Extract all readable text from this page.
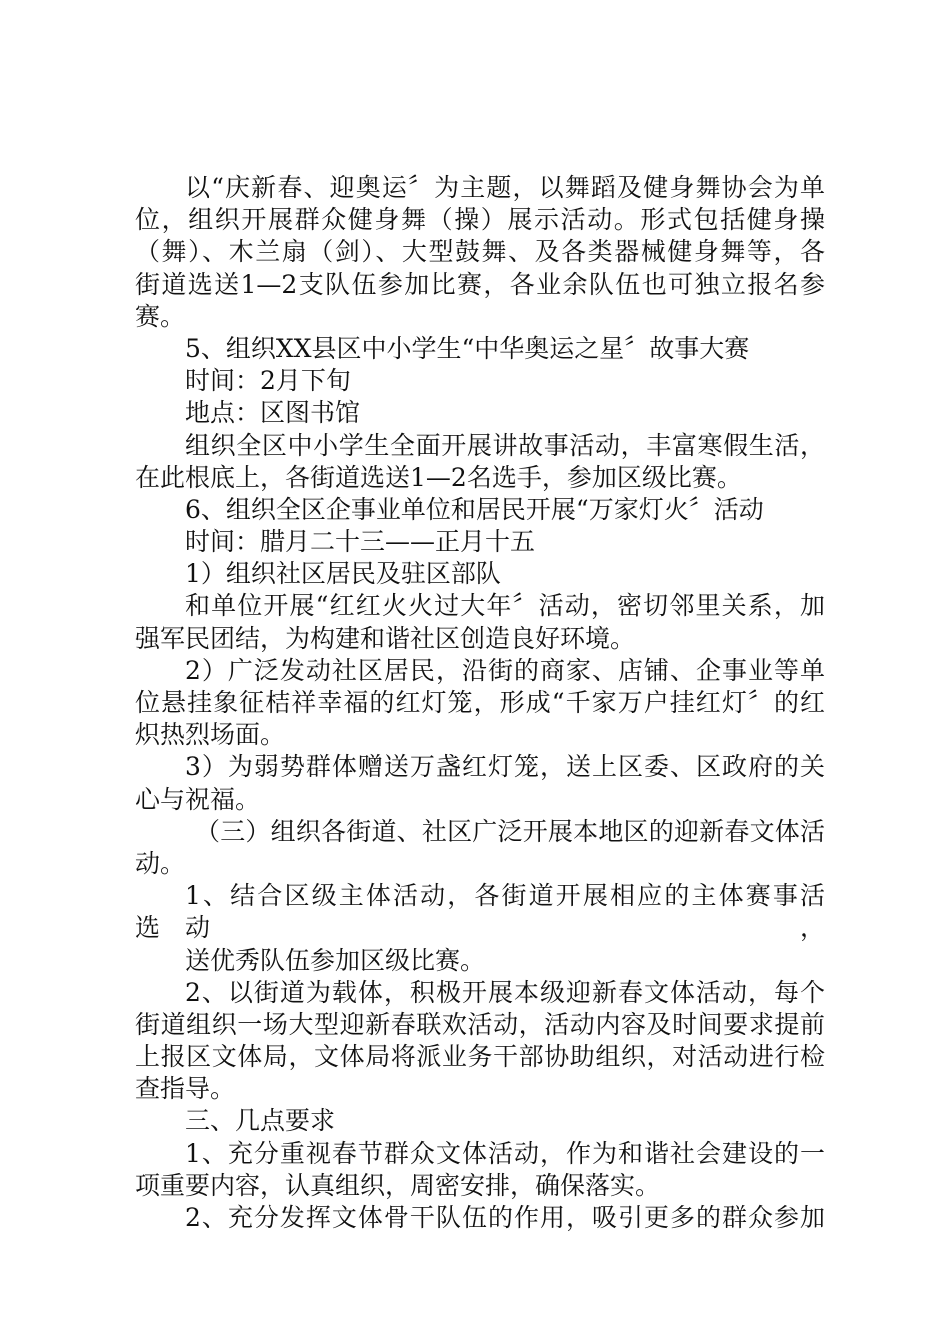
以“庆新春、迎奥运〞为主题，以舞蹈及健身舞协会为单
位，组织开展群众健身舞（操）展示活动。形式包括健身操
（舞）、木兰扇（剑）、大型鼓舞、及各类器械健身舞等，各
街道选送1—2支队伍参加比赛，各业余队伍也可独立报名参
赛。
5、组织XX县区中小学生“中华奥运之星〞故事大赛
时间：2月下旬
地点：区图书馆
组织全区中小学生全面开展讲故事活动，丰富寒假生活，
在此根底上，各街道选送1—2名选手，参加区级比赛。
6、组织全区企事业单位和居民开展“万家灯火〞活动
时间：腊月二十三——正月十五
1）组织社区居民及驻区部队
和单位开展“红红火火过大年〞活动，密切邻里关系，加
强军民团结，为构建和谐社区创造良好环境。
2）广泛发动社区居民，沿街的商家、店铺、企事业等单
位悬挂象征桔祥幸福的红灯笼，形成“千家万户挂红灯〞的红
炽热烈场面。
3）为弱势群体赠送万盏红灯笼，送上区委、区政府的关
心与祝福。
（三）组织各街道、社区广泛开展本地区的迎新春文体活
动。
1、结合区级主体活动，各街道开展相应的主体赛事活动，
选
送优秀队伍参加区级比赛。
2、以街道为载体，积极开展本级迎新春文体活动，每个
街道组织一场大型迎新春联欢活动，活动内容及时间要求提前
上报区文体局，文体局将派业务干部协助组织，对活动进行检
查指导。
三、几点要求
1、充分重视春节群众文体活动，作为和谐社会建设的一
项重要内容，认真组织，周密安排，确保落实。
2、充分发挥文体骨干队伍的作用，吸引更多的群众参加
